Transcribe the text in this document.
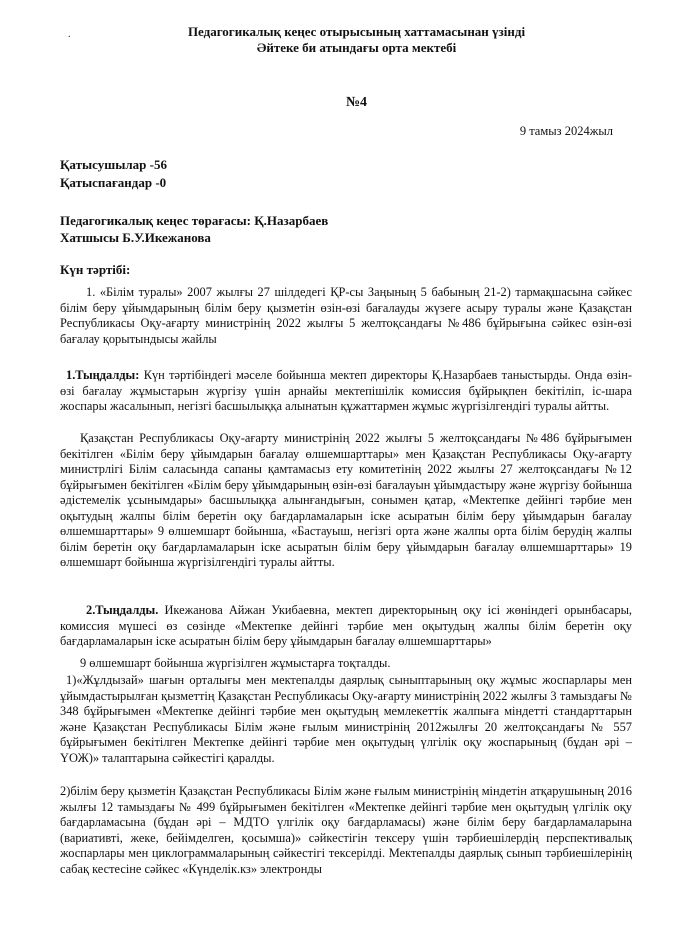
.	Педагогикалық кеңес отырысының хаттамасынан үзінді
Әйтеке би атындағы орта мектебі
№4
9 тамыз 2024жыл
Қатысушылар -56
Қатыспағандар -0
Педагогикалық кеңес төрағасы: Қ.Назарбаев
Хатшысы Б.У.Икежанова
Күн тәртібі:
1. «Білім туралы» 2007 жылғы 27 шілдедегі ҚР-сы Заңының 5 бабының 21-2) тармақшасына сәйкес білім беру ұйымдарының білім беру қызметін өзін-өзі бағалауды жүзеге асыру туралы және Қазақстан Республикасы Оқу-ағарту министрінің 2022 жылғы 5 желтоқсандағы №486 бұйрығына сәйкес өзін-өзі бағалау қорытындысы жайлы
1.Тыңдалды: Күн тәртібіндегі мәселе бойынша мектеп директоры Қ.Назарбаев таныстырды. Онда өзін-өзі бағалау жұмыстарын жүргізу үшін арнайы мектепішілік комиссия бұйрықпен бекітіліп, іс-шара жоспары жасалынып, негізгі басшылыққа алынатын құжаттармен жұмыс жүргізілгендігі туралы айтты.
Қазақстан Республикасы Оқу-ағарту министрінің 2022 жылғы 5 желтоқсандағы №486 бұйрығымен бекітілген «Білім беру ұйымдарын бағалау өлшемшарттары» мен Қазақстан Республикасы Оқу-ағарту министрлігі Білім саласында сапаны қамтамасыз ету комитетінің 2022 жылғы 27 желтоқсандағы №12 бұйрығымен бекітілген «Білім беру ұйымдарының өзін-өзі бағалауын ұйымдастыру және жүргізу бойынша әдістемелік ұсынымдары» басшылыққа алынғандығын, сонымен қатар, «Мектепке дейінгі тәрбие мен оқытудың жалпы білім беретін оқу бағдарламаларын іске асыратын білім беру ұйымдарын бағалау өлшемшарттары» 9 өлшемшарт бойынша, «Бастауыш, негізгі орта және жалпы орта білім берудің жалпы білім беретін оқу бағдарламаларын іске асыратын білім беру ұйымдарын бағалау өлшемшарттары» 19 өлшемшарт бойынша жүргізілгендігі туралы айтты.
2.Тыңдалды. Икежанова Айжан Укибаевна, мектеп директорының оқу ісі жөніндегі орынбасары, комиссия мүшесі өз сөзінде «Мектепке дейінгі тәрбие мен оқытудың жалпы білім беретін оқу бағдарламаларын іске асыратын білім беру ұйымдарын бағалау өлшемшарттары»
9 өлшемшарт бойынша жүргізілген жұмыстарға тоқталды.
1)«Жұлдызай» шағын орталығы мен мектепалды даярлық сыныптарының оқу жұмыс жоспарлары мен ұйымдастырылған қызметтің Қазақстан Республикасы Оқу-ағарту министрінің 2022 жылғы 3 тамыздағы № 348 бұйрығымен «Мектепке дейінгі тәрбие мен оқытудың мемлекеттік жалпыға міндетті стандарттарын және Қазақстан Республикасы Білім және ғылым министрінің 2012жылғы 20 желтоқсандағы № 557 бұйрығымен бекітілген Мектепке дейінгі тәрбие мен оқытудың үлгілік оқу жоспарының (бұдан әрі – ҮОЖ)» талаптарына сәйкестігі қаралды.
2)білім беру қызметін Қазақстан Республикасы Білім және ғылым министрінің міндетін атқарушының 2016 жылғы 12 тамыздағы № 499 бұйрығымен бекітілген «Мектепке дейінгі тәрбие мен оқытудың үлгілік оқу бағдарламасына (бұдан әрі – МДТО үлгілік оқу бағдарламасы) және білім беру бағдарламаларына (вариативті, жеке, бейімделген, қосымша)» сәйкестігін тексеру үшін тәрбиешілердің перспективалық жоспарлары мен циклограммаларының сәйкестігі тексерілді. Мектепалды даярлық сынып тәрбиешілерінің сабақ кестесіне сәйкес «Күнделік.кз» электронды
